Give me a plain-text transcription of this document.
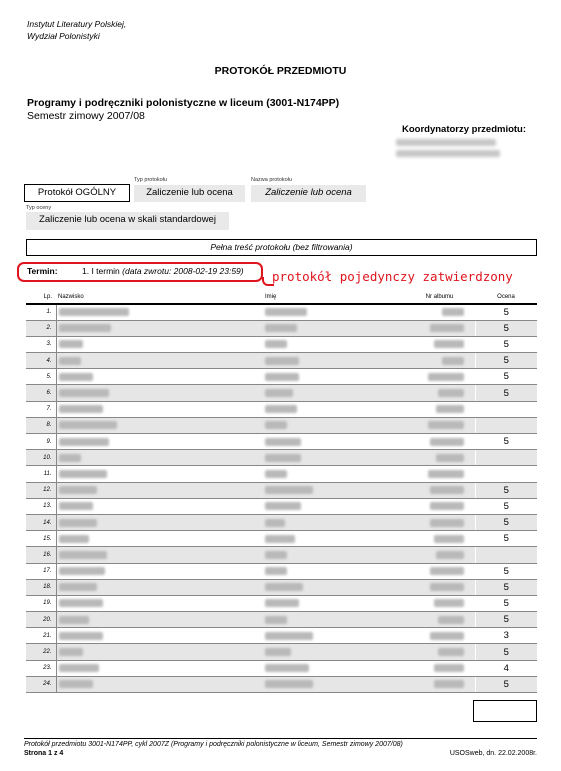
Instytut Literatury Polskiej,
Wydział Polonistyki
PROTOKÓŁ PRZEDMIOTU
Programy i podręczniki polonistyczne w liceum (3001-N174PP)
Semestr zimowy 2007/08
Koordynatorzy przedmiotu:
Protokół OGÓLNY
Typ protokołu
Zaliczenie lub ocena
Nazwa protokołu
Zaliczenie lub ocena
Typ oceny
Zaliczenie lub ocena w skali standardowej
Pełna treść protokołu (bez filtrowania)
Termin:	1. I termin (data zwrotu: 2008-02-19 23:59) protokół pojedynczy zatwierdzony
Lp.	Nazwisko	Imię	Nr albumu	Ocena
1.				5
2.				5
3.				5
4.				5
5.				5
6.				5
7.				
8.				
9.				5
10.				
11.				
12.				5
13.				5
14.				5
15.				5
16.				
17.				5
18.				5
19.				5
20.				5
21.				3
22.				5
23.				4
24.				5
Protokół przedmiotu 3001-N174PP, cykl 2007Z (Programy i podręczniki polonistyczne w liceum, Semestr zimowy 2007/08)
Strona 1 z 4	USOSweb, dn. 22.02.2008r.
